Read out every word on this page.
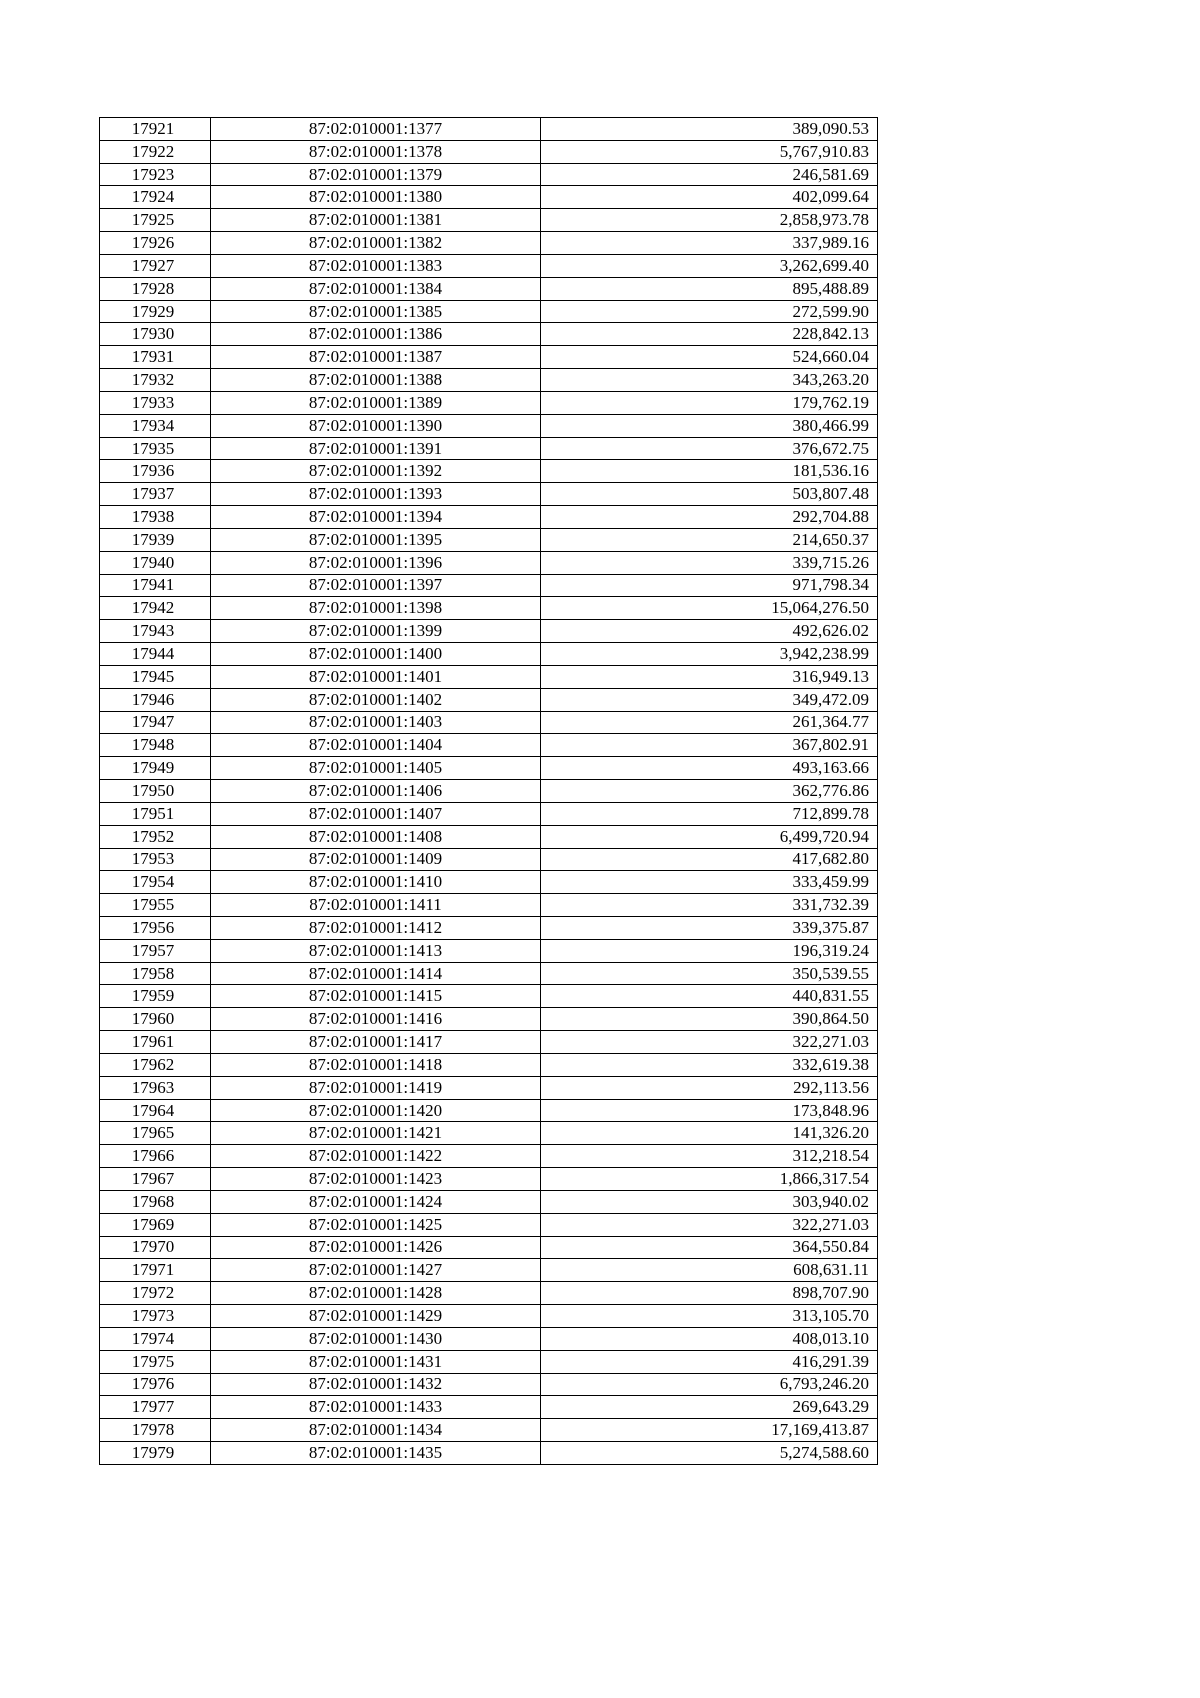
17921	87:02:010001:1377	389,090.53
17922	87:02:010001:1378	5,767,910.83
17923	87:02:010001:1379	246,581.69
17924	87:02:010001:1380	402,099.64
17925	87:02:010001:1381	2,858,973.78
17926	87:02:010001:1382	337,989.16
17927	87:02:010001:1383	3,262,699.40
17928	87:02:010001:1384	895,488.89
17929	87:02:010001:1385	272,599.90
17930	87:02:010001:1386	228,842.13
17931	87:02:010001:1387	524,660.04
17932	87:02:010001:1388	343,263.20
17933	87:02:010001:1389	179,762.19
17934	87:02:010001:1390	380,466.99
17935	87:02:010001:1391	376,672.75
17936	87:02:010001:1392	181,536.16
17937	87:02:010001:1393	503,807.48
17938	87:02:010001:1394	292,704.88
17939	87:02:010001:1395	214,650.37
17940	87:02:010001:1396	339,715.26
17941	87:02:010001:1397	971,798.34
17942	87:02:010001:1398	15,064,276.50
17943	87:02:010001:1399	492,626.02
17944	87:02:010001:1400	3,942,238.99
17945	87:02:010001:1401	316,949.13
17946	87:02:010001:1402	349,472.09
17947	87:02:010001:1403	261,364.77
17948	87:02:010001:1404	367,802.91
17949	87:02:010001:1405	493,163.66
17950	87:02:010001:1406	362,776.86
17951	87:02:010001:1407	712,899.78
17952	87:02:010001:1408	6,499,720.94
17953	87:02:010001:1409	417,682.80
17954	87:02:010001:1410	333,459.99
17955	87:02:010001:1411	331,732.39
17956	87:02:010001:1412	339,375.87
17957	87:02:010001:1413	196,319.24
17958	87:02:010001:1414	350,539.55
17959	87:02:010001:1415	440,831.55
17960	87:02:010001:1416	390,864.50
17961	87:02:010001:1417	322,271.03
17962	87:02:010001:1418	332,619.38
17963	87:02:010001:1419	292,113.56
17964	87:02:010001:1420	173,848.96
17965	87:02:010001:1421	141,326.20
17966	87:02:010001:1422	312,218.54
17967	87:02:010001:1423	1,866,317.54
17968	87:02:010001:1424	303,940.02
17969	87:02:010001:1425	322,271.03
17970	87:02:010001:1426	364,550.84
17971	87:02:010001:1427	608,631.11
17972	87:02:010001:1428	898,707.90
17973	87:02:010001:1429	313,105.70
17974	87:02:010001:1430	408,013.10
17975	87:02:010001:1431	416,291.39
17976	87:02:010001:1432	6,793,246.20
17977	87:02:010001:1433	269,643.29
17978	87:02:010001:1434	17,169,413.87
17979	87:02:010001:1435	5,274,588.60
